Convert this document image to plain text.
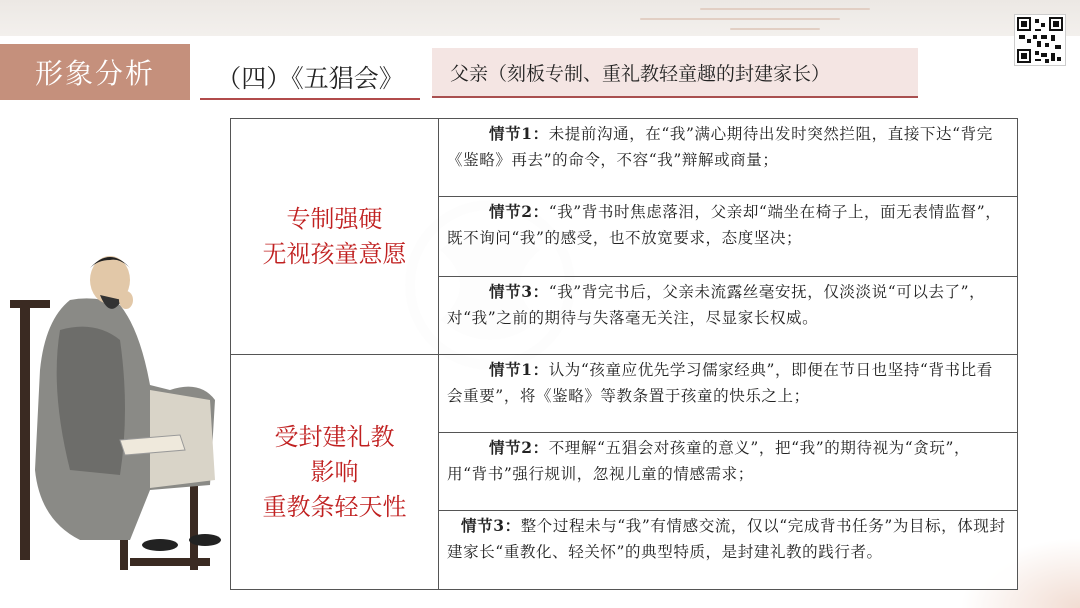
形象分析	（四）《五猖会》	父亲（刻板专制、重礼教轻童趣的封建家长）
专制强硬
无视孩童意愿
情节1：未提前沟通，在“我”满心期待出发时突然拦阻，直接下达“背完《鉴略》再去”的命令，不容“我”辩解或商量；
情节2：“我”背书时焦虑落泪，父亲却“端坐在椅子上，面无表情监督”，既不询问“我”的感受，也不放宽要求，态度坚决；
情节3：“我”背完书后，父亲未流露丝毫安抚，仅淡淡说“可以去了”，对“我”之前的期待与失落毫无关注，尽显家长权威。
受封建礼教
影响
重教条轻天性
情节1：认为“孩童应优先学习儒家经典”，即便在节日也坚持“背书比看会重要”，将《鉴略》等教条置于孩童的快乐之上；
情节2：不理解“五猖会对孩童的意义”，把“我”的期待视为“贪玩”，用“背书”强行规训，忽视儿童的情感需求；
情节3：整个过程未与“我”有情感交流，仅以“完成背书任务”为目标，体现封建家长“重教化、轻关怀”的典型特质，是封建礼教的践行者。
